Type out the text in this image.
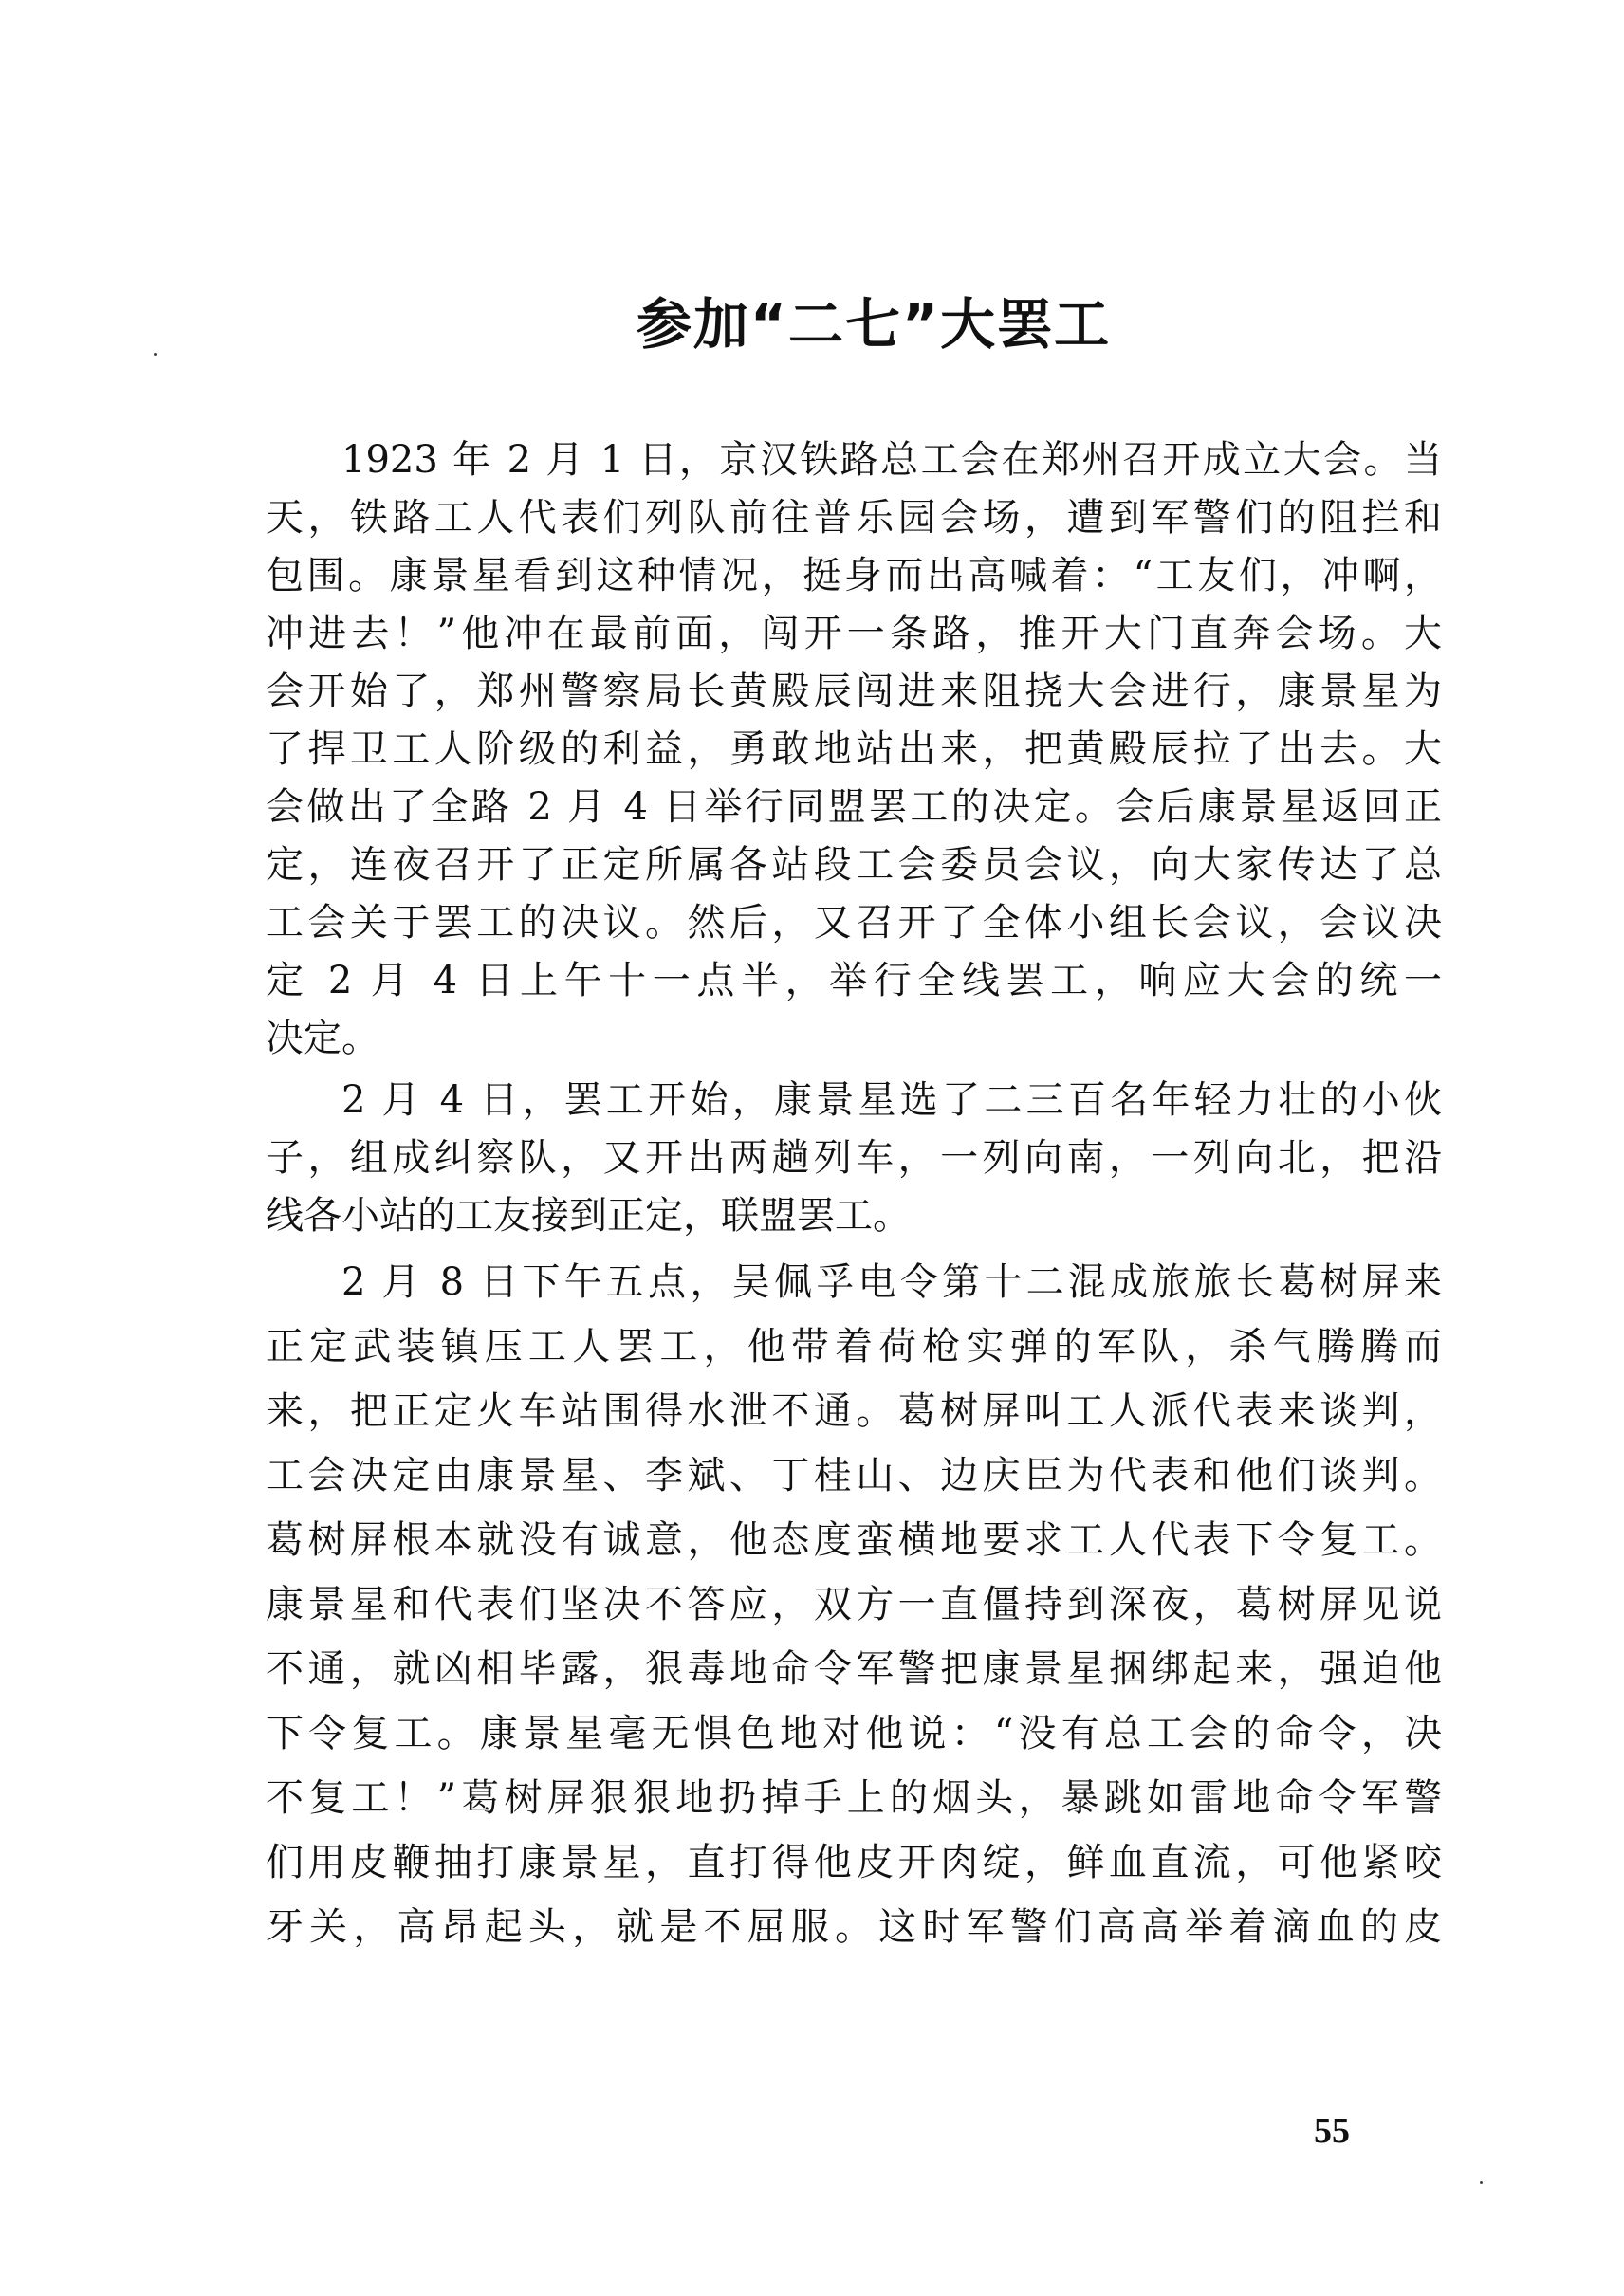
参加“二七”大罢工
1923 年 2 月 1 日，京汉铁路总工会在郑州召开成立大会。当
天，铁路工人代表们列队前往普乐园会场，遭到军警们的阻拦和
包围。康景星看到这种情况，挺身而出高喊着：“工友们，冲啊，
冲进去！”他冲在最前面，闯开一条路，推开大门直奔会场。大
会开始了，郑州警察局长黄殿辰闯进来阻挠大会进行，康景星为
了捍卫工人阶级的利益，勇敢地站出来，把黄殿辰拉了出去。大
会做出了全路 2 月 4 日举行同盟罢工的决定。会后康景星返回正
定，连夜召开了正定所属各站段工会委员会议，向大家传达了总
工会关于罢工的决议。然后，又召开了全体小组长会议，会议决
定 2 月 4 日上午十一点半，举行全线罢工，响应大会的统一
决定。
2 月 4 日，罢工开始，康景星选了二三百名年轻力壮的小伙
子，组成纠察队，又开出两趟列车，一列向南，一列向北，把沿
线各小站的工友接到正定，联盟罢工。
2 月 8 日下午五点，吴佩孚电令第十二混成旅旅长葛树屏来
正定武装镇压工人罢工，他带着荷枪实弹的军队，杀气腾腾而
来，把正定火车站围得水泄不通。葛树屏叫工人派代表来谈判，
工会决定由康景星、李斌、丁桂山、边庆臣为代表和他们谈判。
葛树屏根本就没有诚意，他态度蛮横地要求工人代表下令复工。
康景星和代表们坚决不答应，双方一直僵持到深夜，葛树屏见说
不通，就凶相毕露，狠毒地命令军警把康景星捆绑起来，强迫他
下令复工。康景星毫无惧色地对他说：“没有总工会的命令，决
不复工！”葛树屏狠狠地扔掉手上的烟头，暴跳如雷地命令军警
们用皮鞭抽打康景星，直打得他皮开肉绽，鲜血直流，可他紧咬
牙关，高昂起头，就是不屈服。这时军警们高高举着滴血的皮
55
